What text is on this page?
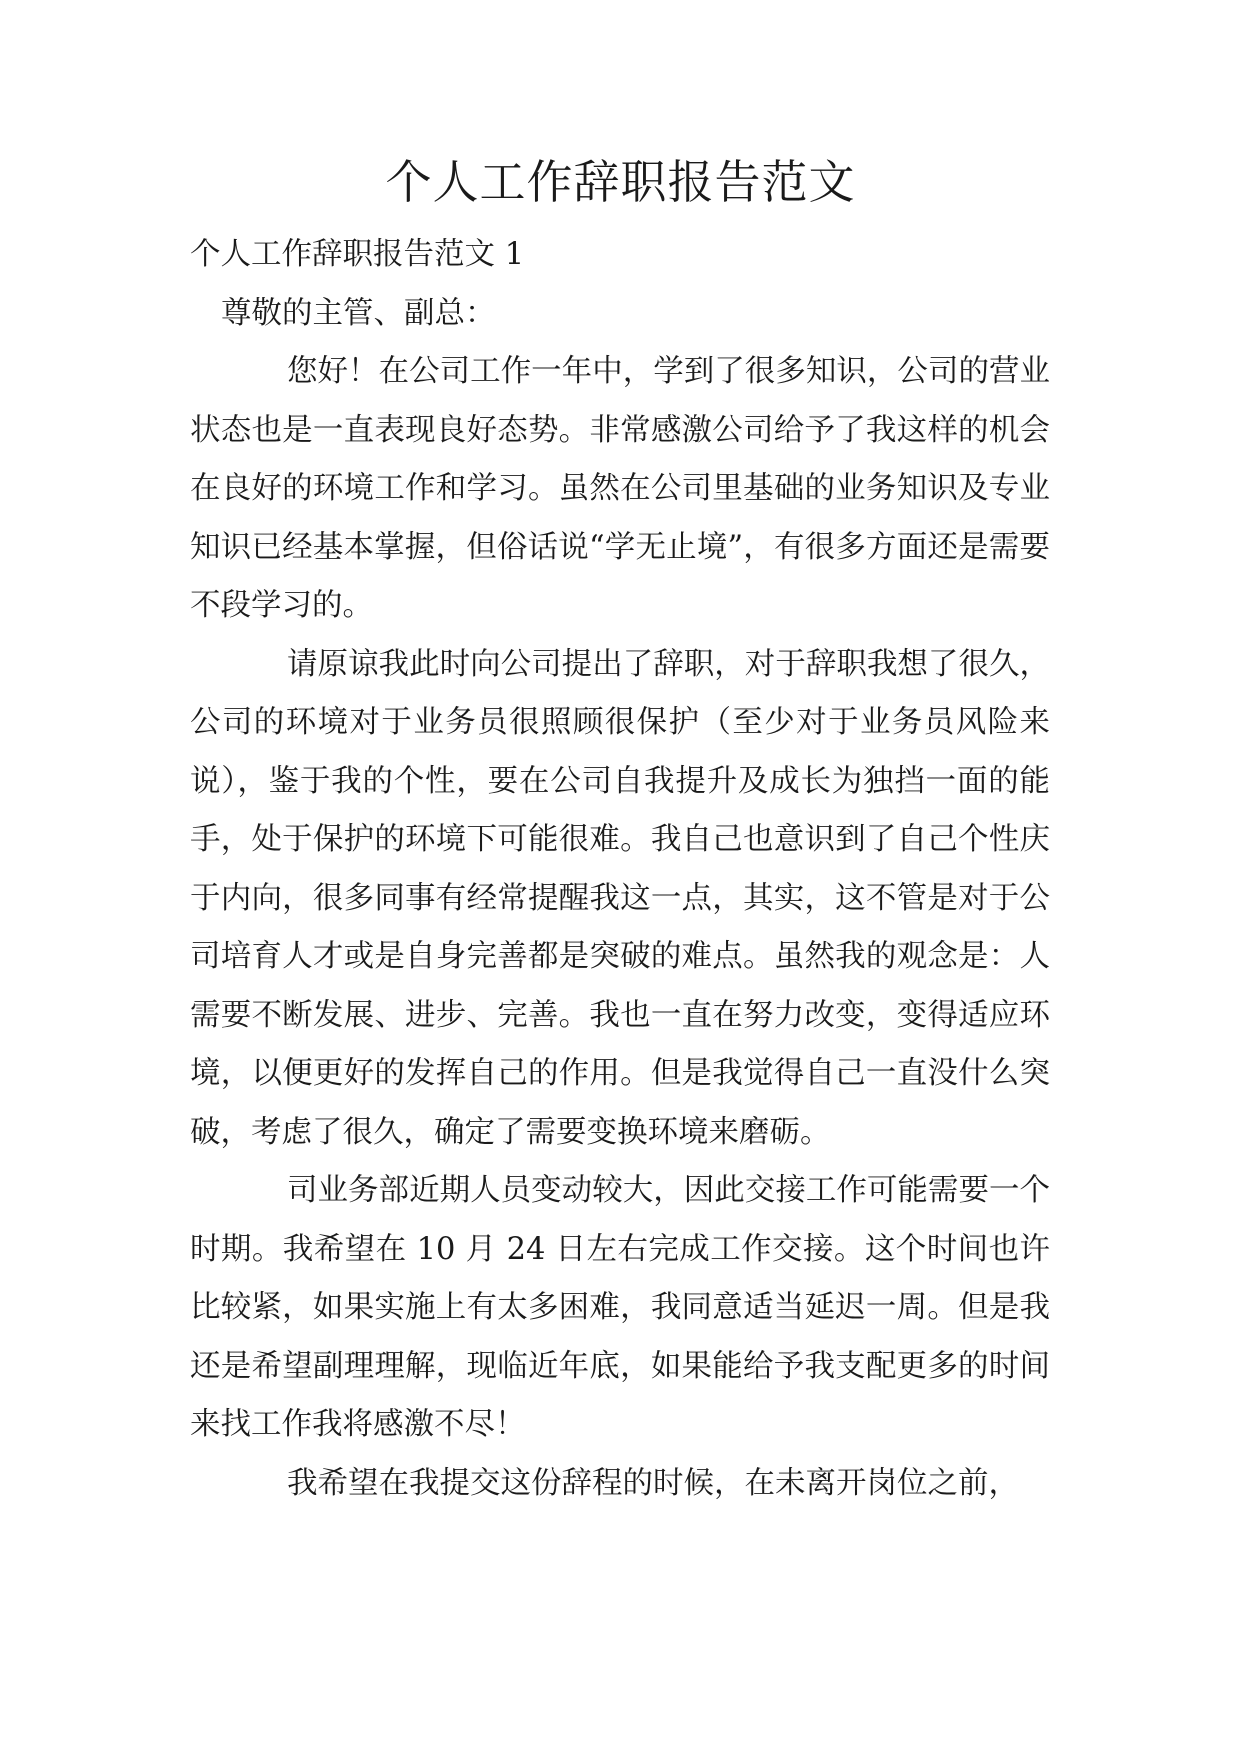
个人工作辞职报告范文

个人工作辞职报告范文 1

尊敬的主管、副总：

您好！在公司工作一年中，学到了很多知识，公司的营业状态也是一直表现良好态势。非常感激公司给予了我这样的机会在良好的环境工作和学习。虽然在公司里基础的业务知识及专业知识已经基本掌握，但俗话说“学无止境”，有很多方面还是需要不段学习的。

请原谅我此时向公司提出了辞职，对于辞职我想了很久，公司的环境对于业务员很照顾很保护（至少对于业务员风险来说），鉴于我的个性，要在公司自我提升及成长为独挡一面的能手，处于保护的环境下可能很难。我自己也意识到了自己个性庆于内向，很多同事有经常提醒我这一点，其实，这不管是对于公司培育人才或是自身完善都是突破的难点。虽然我的观念是：人需要不断发展、进步、完善。我也一直在努力改变，变得适应环境，以便更好的发挥自己的作用。但是我觉得自己一直没什么突破，考虑了很久，确定了需要变换环境来磨砺。

司业务部近期人员变动较大，因此交接工作可能需要一个时期。我希望在 10 月 24 日左右完成工作交接。这个时间也许比较紧，如果实施上有太多困难，我同意适当延迟一周。但是我还是希望副理理解，现临近年底，如果能给予我支配更多的时间来找工作我将感激不尽！

我希望在我提交这份辞程的时候，在未离开岗位之前，
